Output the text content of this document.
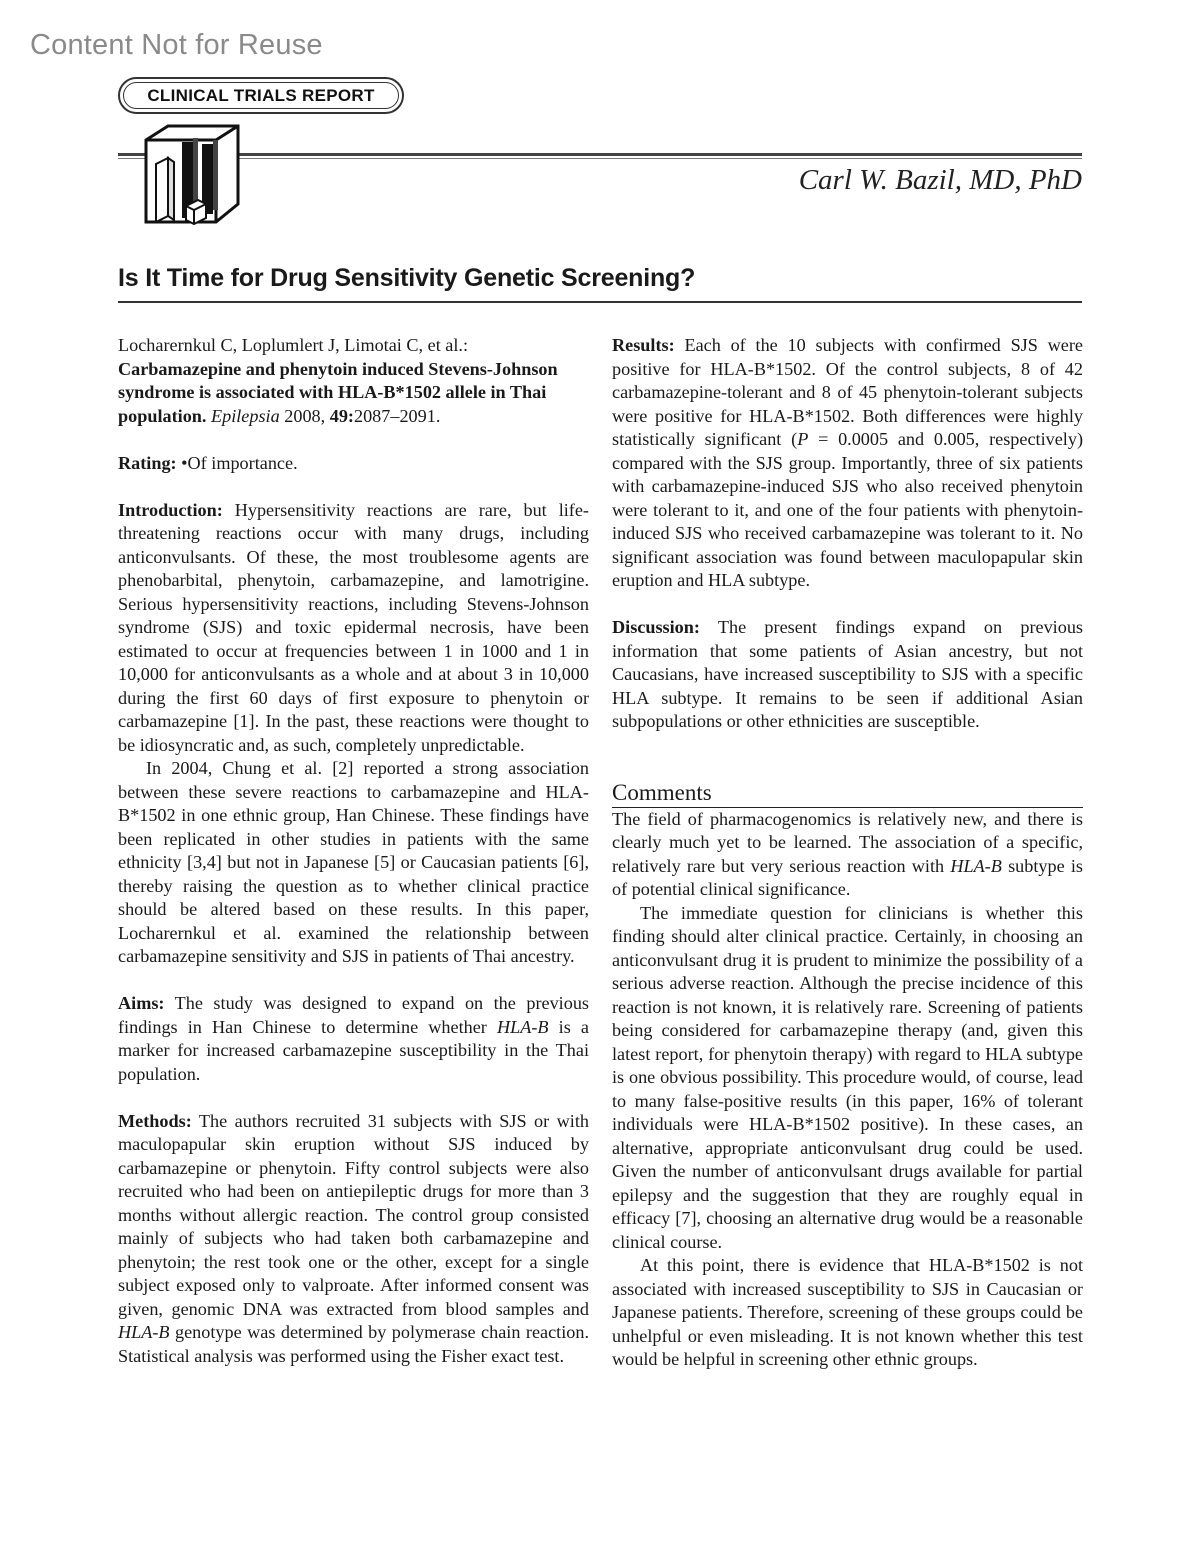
Content Not for Reuse
CLINICAL TRIALS REPORT
Carl W. Bazil, MD, PhD
Is It Time for Drug Sensitivity Genetic Screening?

Locharernkul C, Loplumlert J, Limotai C, et al.: Carbamazepine and phenytoin induced Stevens-Johnson syndrome is associated with HLA-B*1502 allele in Thai population. Epilepsia 2008, 49:2087–2091.

Rating: •Of importance.

Introduction: Hypersensitivity reactions are rare, but life-threatening reactions occur with many drugs, including anticonvulsants. Of these, the most troublesome agents are phenobarbital, phenytoin, carbamazepine, and lamotrigine. Serious hypersensitivity reactions, including Stevens-Johnson syndrome (SJS) and toxic epidermal necrosis, have been estimated to occur at frequencies between 1 in 1000 and 1 in 10,000 for anticonvulsants as a whole and at about 3 in 10,000 during the first 60 days of first exposure to phenytoin or carbamazepine [1]. In the past, these reactions were thought to be idiosyncratic and, as such, completely unpredictable.

In 2004, Chung et al. [2] reported a strong association between these severe reactions to carbamazepine and HLA-B*1502 in one ethnic group, Han Chinese. These findings have been replicated in other studies in patients with the same ethnicity [3,4] but not in Japanese [5] or Caucasian patients [6], thereby raising the question as to whether clinical practice should be altered based on these results. In this paper, Locharernkul et al. examined the relationship between carbamazepine sensitivity and SJS in patients of Thai ancestry.

Aims: The study was designed to expand on the previous findings in Han Chinese to determine whether HLA-B is a marker for increased carbamazepine susceptibility in the Thai population.

Methods: The authors recruited 31 subjects with SJS or with maculopapular skin eruption without SJS induced by carbamazepine or phenytoin. Fifty control subjects were also recruited who had been on antiepileptic drugs for more than 3 months without allergic reaction. The control group consisted mainly of subjects who had taken both carbamazepine and phenytoin; the rest took one or the other, except for a single subject exposed only to valproate. After informed consent was given, genomic DNA was extracted from blood samples and HLA-B genotype was determined by polymerase chain reaction. Statistical analysis was performed using the Fisher exact test.

Results: Each of the 10 subjects with confirmed SJS were positive for HLA-B*1502. Of the control subjects, 8 of 42 carbamazepine-tolerant and 8 of 45 phenytoin-tolerant subjects were positive for HLA-B*1502. Both differences were highly statistically significant (P = 0.0005 and 0.005, respectively) compared with the SJS group. Importantly, three of six patients with carbamazepine-induced SJS who also received phenytoin were tolerant to it, and one of the four patients with phenytoin-induced SJS who received carbamazepine was tolerant to it. No significant association was found between maculopapular skin eruption and HLA subtype.

Discussion: The present findings expand on previous information that some patients of Asian ancestry, but not Caucasians, have increased susceptibility to SJS with a specific HLA subtype. It remains to be seen if additional Asian subpopulations or other ethnicities are susceptible.

Comments

The field of pharmacogenomics is relatively new, and there is clearly much yet to be learned. The association of a specific, relatively rare but very serious reaction with HLA-B subtype is of potential clinical significance.

The immediate question for clinicians is whether this finding should alter clinical practice. Certainly, in choosing an anticonvulsant drug it is prudent to minimize the possibility of a serious adverse reaction. Although the precise incidence of this reaction is not known, it is relatively rare. Screening of patients being considered for carbamazepine therapy (and, given this latest report, for phenytoin therapy) with regard to HLA subtype is one obvious possibility. This procedure would, of course, lead to many false-positive results (in this paper, 16% of tolerant individuals were HLA-B*1502 positive). In these cases, an alternative, appropriate anticonvulsant drug could be used. Given the number of anticonvulsant drugs available for partial epilepsy and the suggestion that they are roughly equal in efficacy [7], choosing an alternative drug would be a reasonable clinical course.

At this point, there is evidence that HLA-B*1502 is not associated with increased susceptibility to SJS in Caucasian or Japanese patients. Therefore, screening of these groups could be unhelpful or even misleading. It is not known whether this test would be helpful in screening other ethnic groups.
